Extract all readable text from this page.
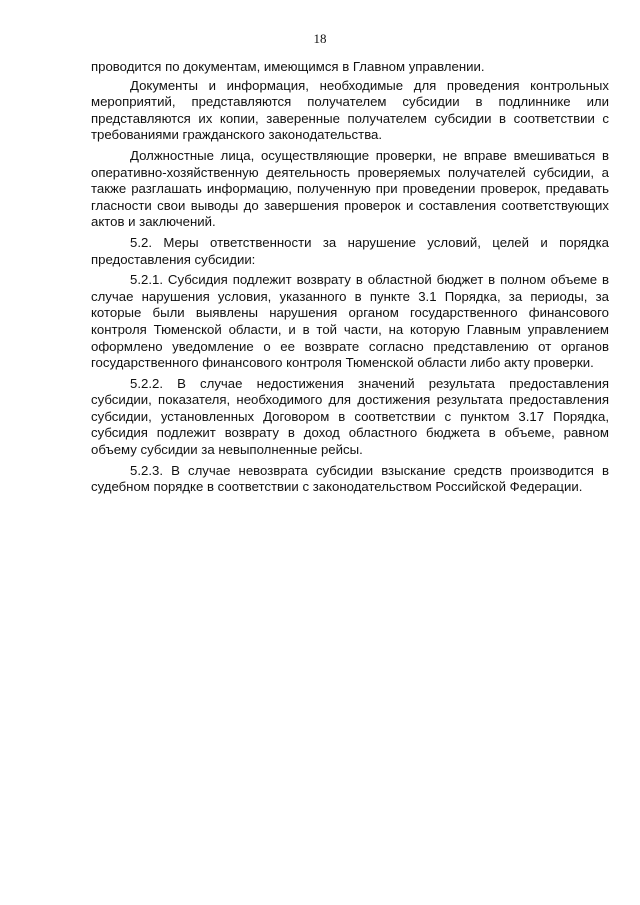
18

проводится по документам, имеющимся в Главном управлении.

Документы и информация, необходимые для проведения контрольных мероприятий, представляются получателем субсидии в подлиннике или представляются их копии, заверенные получателем субсидии в соответствии с требованиями гражданского законодательства.

Должностные лица, осуществляющие проверки, не вправе вмешиваться в оперативно-хозяйственную деятельность проверяемых получателей субсидии, а также разглашать информацию, полученную при проведении проверок, предавать гласности свои выводы до завершения проверок и составления соответствующих актов и заключений.

5.2. Меры ответственности за нарушение условий, целей и порядка предоставления субсидии:

5.2.1. Субсидия подлежит возврату в областной бюджет в полном объеме в случае нарушения условия, указанного в пункте 3.1 Порядка, за периоды, за которые были выявлены нарушения органом государственного финансового контроля Тюменской области, и в той части, на которую Главным управлением оформлено уведомление о ее возврате согласно представлению от органов государственного финансового контроля Тюменской области либо акту проверки.

5.2.2. В случае недостижения значений результата предоставления субсидии, показателя, необходимого для достижения результата предоставления субсидии, установленных Договором в соответствии с пунктом 3.17 Порядка, субсидия подлежит возврату в доход областного бюджета в объеме, равном объему субсидии за невыполненные рейсы.

5.2.3. В случае невозврата субсидии взыскание средств производится в судебном порядке в соответствии с законодательством Российской Федерации.
